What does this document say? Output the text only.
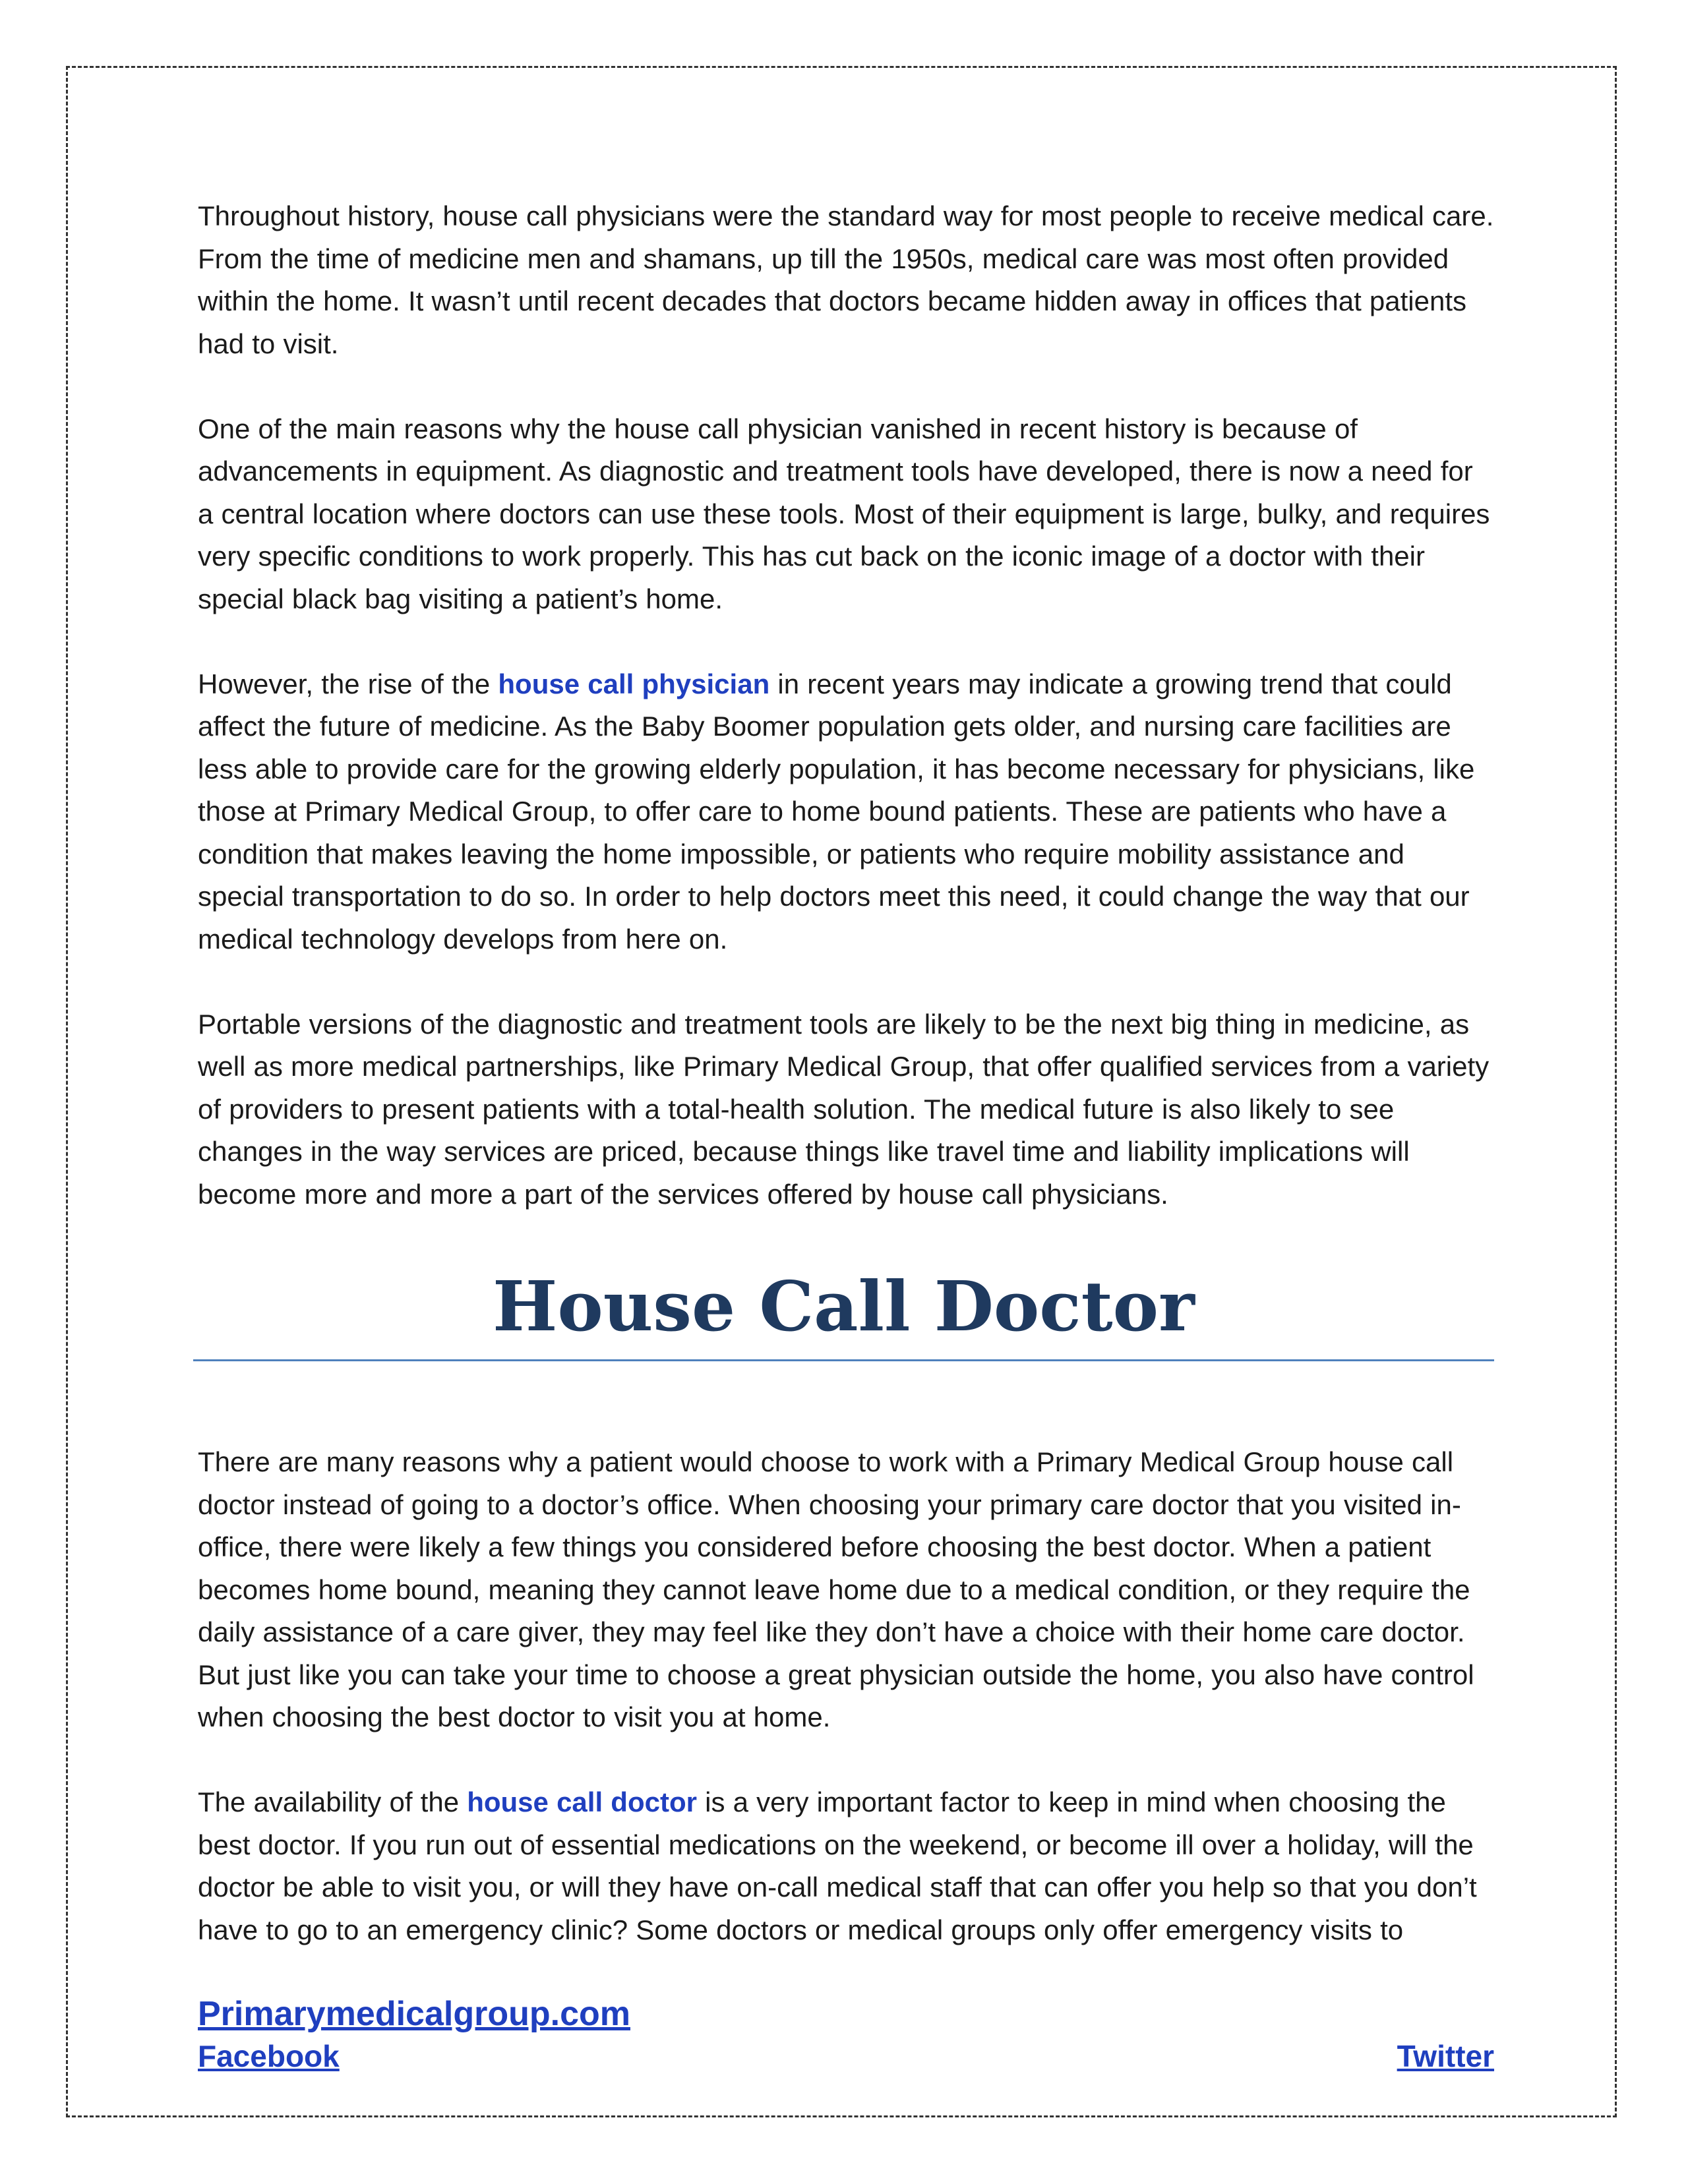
Throughout history, house call physicians were the standard way for most people to receive medical care. From the time of medicine men and shamans, up till the 1950s, medical care was most often provided within the home. It wasn’t until recent decades that doctors became hidden away in offices that patients had to visit.

One of the main reasons why the house call physician vanished in recent history is because of advancements in equipment. As diagnostic and treatment tools have developed, there is now a need for a central location where doctors can use these tools. Most of their equipment is large, bulky, and requires very specific conditions to work properly. This has cut back on the iconic image of a doctor with their special black bag visiting a patient’s home.

However, the rise of the house call physician in recent years may indicate a growing trend that could affect the future of medicine. As the Baby Boomer population gets older, and nursing care facilities are less able to provide care for the growing elderly population, it has become necessary for physicians, like those at Primary Medical Group, to offer care to home bound patients. These are patients who have a condition that makes leaving the home impossible, or patients who require mobility assistance and special transportation to do so. In order to help doctors meet this need, it could change the way that our medical technology develops from here on.

Portable versions of the diagnostic and treatment tools are likely to be the next big thing in medicine, as well as more medical partnerships, like Primary Medical Group, that offer qualified services from a variety of providers to present patients with a total-health solution. The medical future is also likely to see changes in the way services are priced, because things like travel time and liability implications will become more and more a part of the services offered by house call physicians.

House Call Doctor

There are many reasons why a patient would choose to work with a Primary Medical Group house call doctor instead of going to a doctor’s office. When choosing your primary care doctor that you visited in-office, there were likely a few things you considered before choosing the best doctor. When a patient becomes home bound, meaning they cannot leave home due to a medical condition, or they require the daily assistance of a care giver, they may feel like they don’t have a choice with their home care doctor. But just like you can take your time to choose a great physician outside the home, you also have control when choosing the best doctor to visit you at home.

The availability of the house call doctor is a very important factor to keep in mind when choosing the best doctor. If you run out of essential medications on the weekend, or become ill over a holiday, will the doctor be able to visit you, or will they have on-call medical staff that can offer you help so that you don’t have to go to an emergency clinic? Some doctors or medical groups only offer emergency visits to

Primarymedicalgroup.com
Facebook	Twitter
